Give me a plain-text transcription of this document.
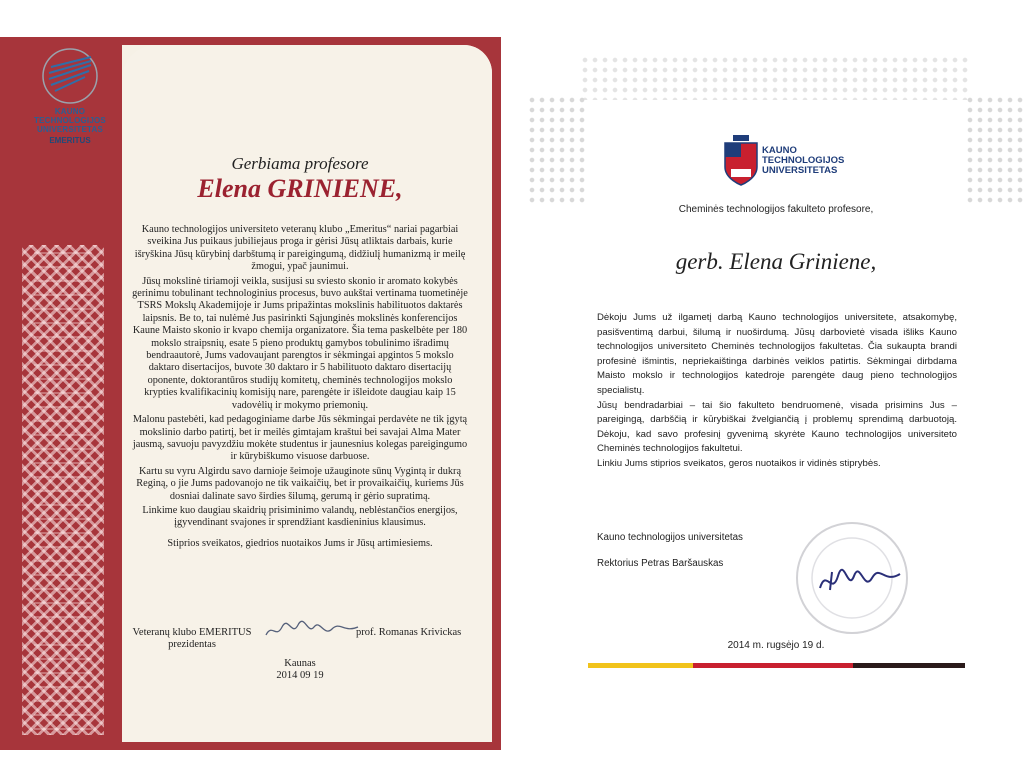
KAUNO
TECHNOLOGIJOS
UNIVERSITETAS
EMERITUS
Gerbiama profesore
Elena GRINIENE,

Kauno technologijos universiteto veteranų klubo „Emeritus“ nariai pagarbiai sveikina Jus puikaus jubiliejaus proga ir gėrisi Jūsų atliktais darbais, kurie išryškina Jūsų kūrybinį darbštumą ir pareigingumą, didžiulį humanizmą ir meilę žmogui, ypač jaunimui.

Jūsų mokslinė tiriamoji veikla, susijusi su sviesto skonio ir aromato kokybės gerinimu tobulinant technologinius procesus, buvo aukštai vertinama tuometinėje TSRS Mokslų Akademijoje ir Jums pripažintas mokslinis habilituotos daktarės laipsnis. Be to, tai nulėmė Jus pasirinkti Sąjunginės mokslinės konferencijos Kaune Maisto skonio ir kvapo chemija organizatore. Šia tema paskelbėte per 180 mokslo straipsnių, esate 5 pieno produktų gamybos tobulinimo išradimų bendraautorė, Jums vadovaujant parengtos ir sėkmingai apgintos 5 mokslo daktaro disertacijos, buvote 30 daktaro ir 5 habilituoto daktaro disertacijų oponente, doktorantūros studijų komitetų, cheminės technologijos mokslo krypties kvalifikacinių komisijų nare, parengėte ir išleidote daugiau kaip 15 vadovėlių ir mokymo priemonių.

Malonu pastebėti, kad pedagoginiame darbe Jūs sėkmingai perdavėte ne tik įgytą mokslinio darbo patirtį, bet ir meilės gimtajam kraštui bei savajai Alma Mater jausmą, savuoju pavyzdžiu mokėte studentus ir jaunesnius kolegas pareigingumo ir kūrybiškumo visuose darbuose.

Kartu su vyru Algirdu savo darnioje šeimoje užauginote sūnų Vygintą ir dukrą Reginą, o jie Jums padovanojo ne tik vaikaičių, bet ir provaikaičių, kuriems Jūs dosniai dalinate savo širdies šilumą, gerumą ir gėrio supratimą.

Linkime kuo daugiau skaidrių prisiminimo valandų, neblėstančios energijos, įgyvendinant svajones ir sprendžiant kasdieninius klausimus.

Stiprios sveikatos, giedrios nuotaikos Jums ir Jūsų artimiesiems.

Veteranų klubo EMERITUS
prezidentas
prof. Romanas Krivickas
Kaunas
2014 09 19
KAUNO
TECHNOLOGIJOS
UNIVERSITETAS
Cheminės technologijos fakulteto profesore,
gerb. Elena Griniene,

Dėkoju Jums už ilgametį darbą Kauno technologijos universitete, atsakomybę, pasišventimą darbui, šilumą ir nuoširdumą. Jūsų darbovietė visada išliks Kauno technologijos universiteto Cheminės technologijos fakultetas. Čia sukaupta brandi profesinė išmintis, nepriekaištinga darbinės veiklos patirtis. Sėkmingai dirbdama Maisto mokslo ir technologijos katedroje parengėte daug pieno technologijos specialistų.

Jūsų bendradarbiai – tai šio fakulteto bendruomenė, visada prisimins Jus – pareigingą, darbščią ir kūrybiškai žvelgiančią į problemų sprendimą darbuotoją. Dėkoju, kad savo profesinį gyvenimą skyrėte Kauno technologijos universiteto Cheminės technologijos fakultetui.

Linkiu Jums stiprios sveikatos, geros nuotaikos ir vidinės stiprybės.

Kauno technologijos universitetas
Rektorius Petras Baršauskas
2014 m. rugsėjo 19 d.
